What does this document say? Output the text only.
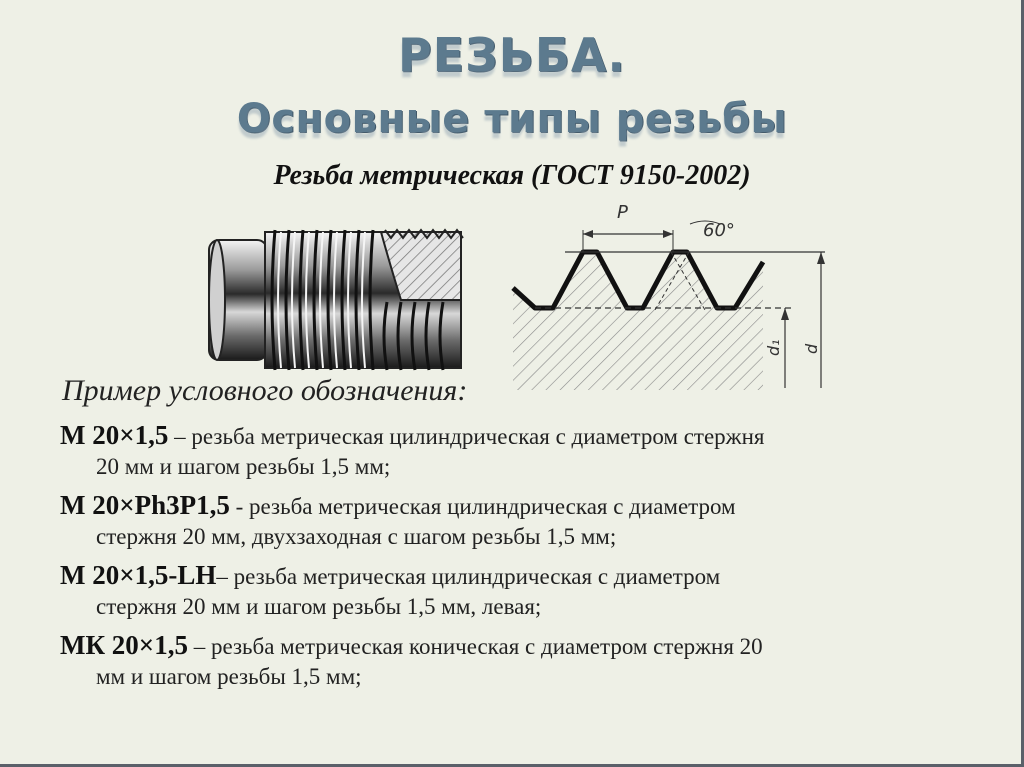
РЕЗЬБА.
Основные типы резьбы
Резьба метрическая (ГОСТ 9150-2002)
P
60°
d₁ d
Пример условного обозначения:
М 20×1,5 – резьба метрическая цилиндрическая с диаметром стержня
20 мм и шагом резьбы 1,5 мм;
М 20×Ph3P1,5 - резьба метрическая цилиндрическая с диаметром
стержня 20 мм, двухзаходная с шагом резьбы 1,5 мм;
М 20×1,5-LH– резьба метрическая цилиндрическая с диаметром
стержня 20 мм и шагом резьбы 1,5 мм, левая;
МК 20×1,5 – резьба метрическая коническая с диаметром стержня 20
мм и шагом резьбы 1,5 мм;
